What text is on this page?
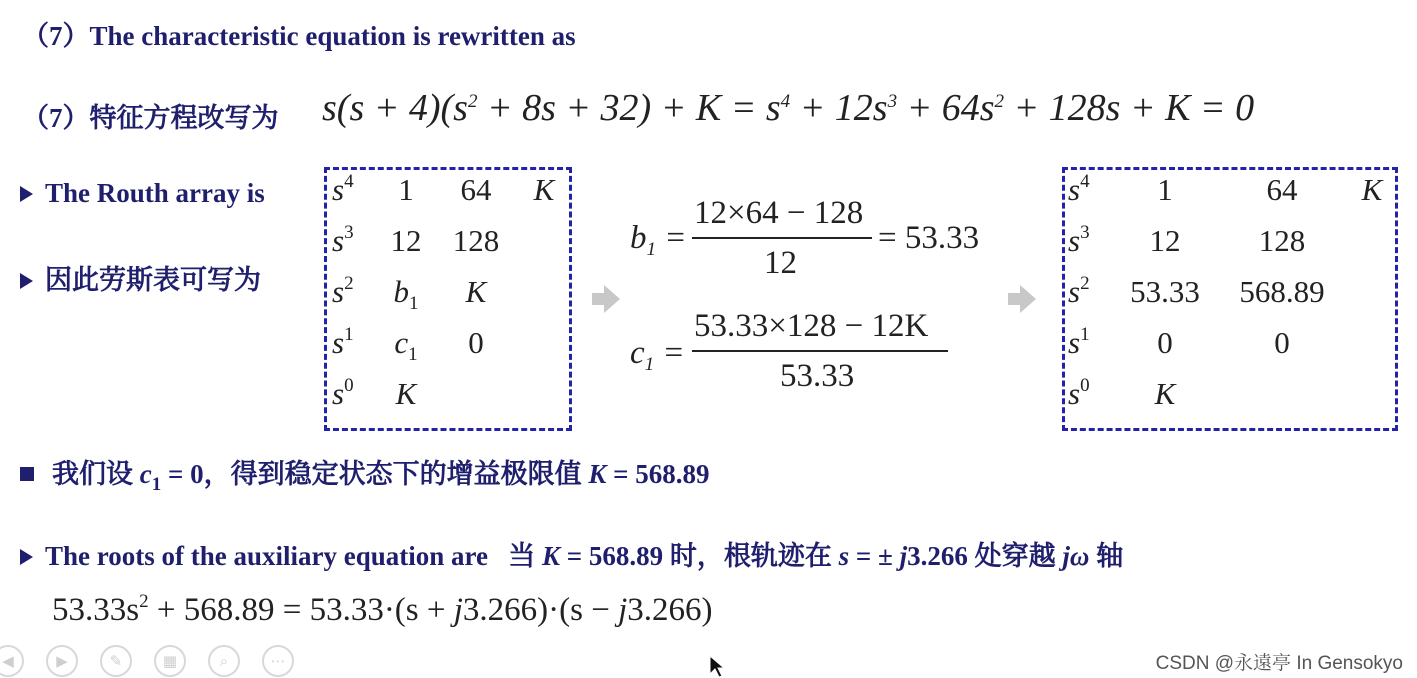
（7）The characteristic equation is rewritten as
（7）特征方程改写为 $s(s + 4)(s^2 + 8s + 32) + K = s^4 + 12s^3 + 64s^2 + 128s + K = 0$
The Routh array is
因此劳斯表可写为
$s^4$ 1 64 K
$s^3$ 12 128
$s^2$ $b_1$ K
$s^1$ $c_1$ 0
$s^0$ K
$b_1$ =
12×64 − 128
12
= 53.33
$c_1$ =
53.33×128 − 12K
53.33
$s^4$ 1	64 K
$s^3$ 12	128
$s^2$ 53.33 568.89
$s^1$ 0	0
$s^0$ K
我们设 $c_1 = 0$，得到稳定状态下的增益极限值 K = 568.89
The roots of the auxiliary equation are 当 K = 568.89 时，根轨迹在 s = ± j3.266 处穿越 jω 轴
$53.33s^2 + 568.89 = 53.33\cdot(s + j3.266)\cdot(s - j3.266)$
◀	▶	✎	▦	⌕	⋯	CSDN @永遠亭 In Gensokyo
